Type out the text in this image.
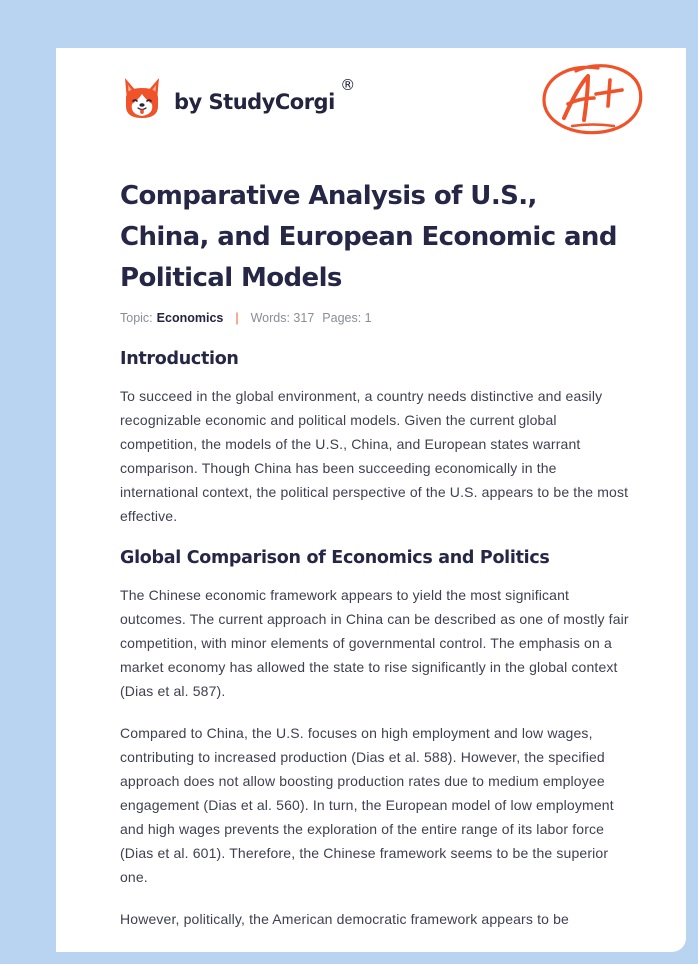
by StudyCorgi
®
Comparative Analysis of U.S., China, and European Economic and Political Models
Topic: Economics | Words: 317 Pages: 1
Introduction

To succeed in the global environment, a country needs distinctive and easily recognizable economic and political models. Given the current global competition, the models of the U.S., China, and European states warrant comparison. Though China has been succeeding economically in the international context, the political perspective of the U.S. appears to be the most effective.

Global Comparison of Economics and Politics

The Chinese economic framework appears to yield the most significant outcomes. The current approach in China can be described as one of mostly fair competition, with minor elements of governmental control. The emphasis on a market economy has allowed the state to rise significantly in the global context (Dias et al. 587).

Compared to China, the U.S. focuses on high employment and low wages, contributing to increased production (Dias et al. 588). However, the specified approach does not allow boosting production rates due to medium employee engagement (Dias et al. 560). In turn, the European model of low employment and high wages prevents the exploration of the entire range of its labor force (Dias et al. 601). Therefore, the Chinese framework seems to be the superior one.

However, politically, the American democratic framework appears to be
